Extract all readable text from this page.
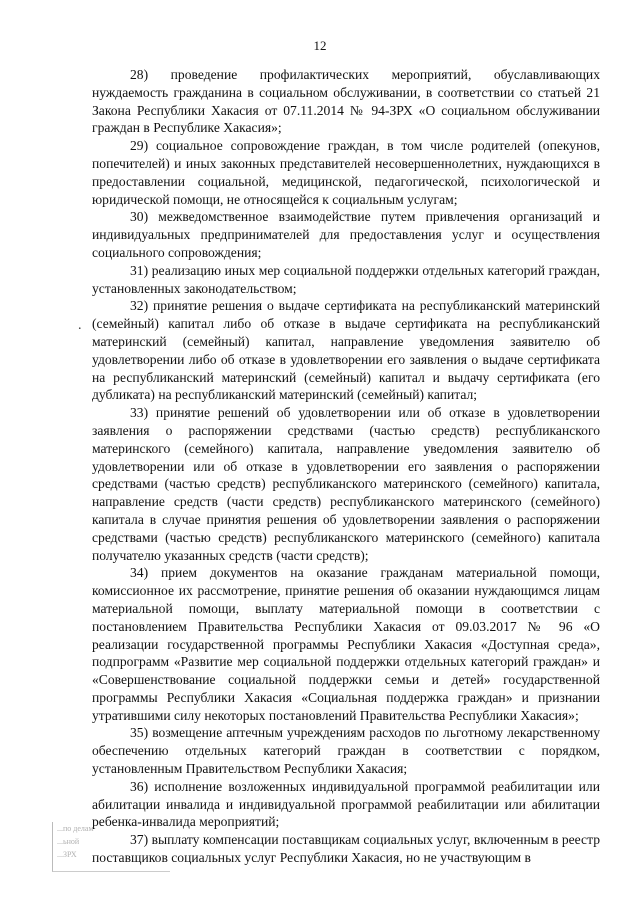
12
.

28) проведение профилактических мероприятий, обуславливающих нуждаемость гражданина в социальном обслуживании, в соответствии со статьей 21 Закона Республики Хакасия от 07.11.2014 № 94-ЗРХ «О социальном обслуживании граждан в Республике Хакасия»;

29) социальное сопровождение граждан, в том числе родителей (опекунов, попечителей) и иных законных представителей несовершеннолетних, нуждающихся в предоставлении социальной, медицинской, педагогической, психологической и юридической помощи, не относящейся к социальным услугам;

30) межведомственное взаимодействие путем привлечения организаций и индивидуальных предпринимателей для предоставления услуг и осуществления социального сопровождения;

31) реализацию иных мер социальной поддержки отдельных категорий граждан, установленных законодательством;

32) принятие решения о выдаче сертификата на республиканский материнский (семейный) капитал либо об отказе в выдаче сертификата на республиканский материнский (семейный) капитал, направление уведомления заявителю об удовлетворении либо об отказе в удовлетворении его заявления о выдаче сертификата на республиканский материнский (семейный) капитал и выдачу сертификата (его дубликата) на республиканский материнский (семейный) капитал;

33) принятие решений об удовлетворении или об отказе в удовлетворении заявления о распоряжении средствами (частью средств) республиканского материнского (семейного) капитала, направление уведомления заявителю об удовлетворении или об отказе в удовлетворении его заявления о распоряжении средствами (частью средств) республиканского материнского (семейного) капитала, направление средств (части средств) республиканского материнского (семейного) капитала в случае принятия решения об удовлетворении заявления о распоряжении средствами (частью средств) республиканского материнского (семейного) капитала получателю указанных средств (части средств);

34) прием документов на оказание гражданам материальной помощи, комиссионное их рассмотрение, принятие решения об оказании нуждающимся лицам материальной помощи, выплату материальной помощи в соответствии с постановлением Правительства Республики Хакасия от 09.03.2017 № 96 «О реализации государственной программы Республики Хакасия «Доступная среда», подпрограмм «Развитие мер социальной поддержки отдельных категорий граждан» и «Совершенствование социальной поддержки семьи и детей» государственной программы Республики Хакасия «Социальная поддержка граждан» и признании утратившими силу некоторых постановлений Правительства Республики Хакасия»;

35) возмещение аптечным учреждениям расходов по льготному лекарственному обеспечению отдельных категорий граждан в соответствии с порядком, установленным Правительством Республики Хакасия;

36) исполнение возложенных индивидуальной программой реабилитации или абилитации инвалида и индивидуальной программой реабилитации или абилитации ребенка-инвалида мероприятий;

37) выплату компенсации поставщикам социальных услуг, включенным в реестр поставщиков социальных услуг Республики Хакасия, но не участвующим в

...по делам
...ьной
...ЗРХ
